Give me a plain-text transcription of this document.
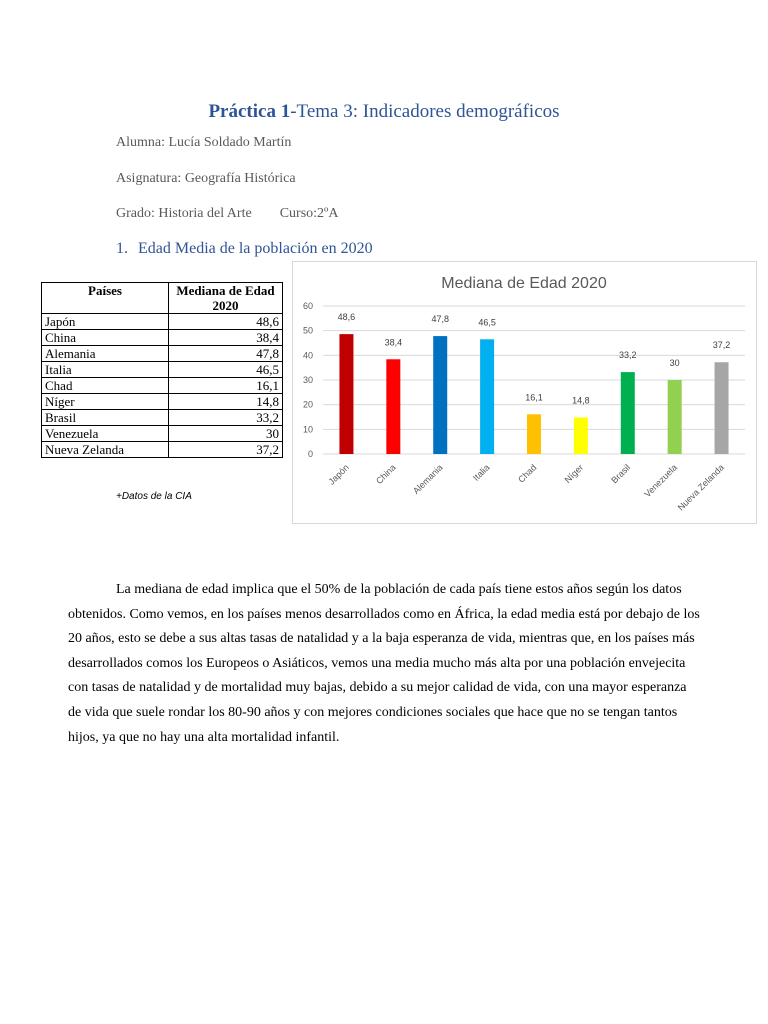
Práctica 1-Tema 3: Indicadores demográficos
Alumna: Lucía Soldado Martín
Asignatura: Geografía Histórica
Grado: Historia del Arte Curso:2ºA
1. Edad Media de la población en 2020
Países	Mediana de Edad 2020
Japón	48,6
China	38,4
Alemania	47,8
Italia	46,5
Chad	16,1
Níger	14,8
Brasil	33,2
Venezuela	30
Nueva Zelanda	37,2
+Datos de la CIA
Mediana de Edad 2020
0
10
20
30
40
50
60
48,6
Japón
38,4
China
47,8
Alemania
46,5
Italia
16,1
Chad
14,8
Níger
33,2
Brasil
30
Venezuela
37,2
Nueva Zelanda

La mediana de edad implica que el 50% de la población de cada país tiene estos años según los datos obtenidos. Como vemos, en los países menos desarrollados como en África, la edad media está por debajo de los 20 años, esto se debe a sus altas tasas de natalidad y a la baja esperanza de vida, mientras que, en los países más desarrollados comos los Europeos o Asiáticos, vemos una media mucho más alta por una población envejecita con tasas de natalidad y de mortalidad muy bajas, debido a su mejor calidad de vida, con una mayor esperanza de vida que suele rondar los 80-90 años y con mejores condiciones sociales que hace que no se tengan tantos hijos, ya que no hay una alta mortalidad infantil.
